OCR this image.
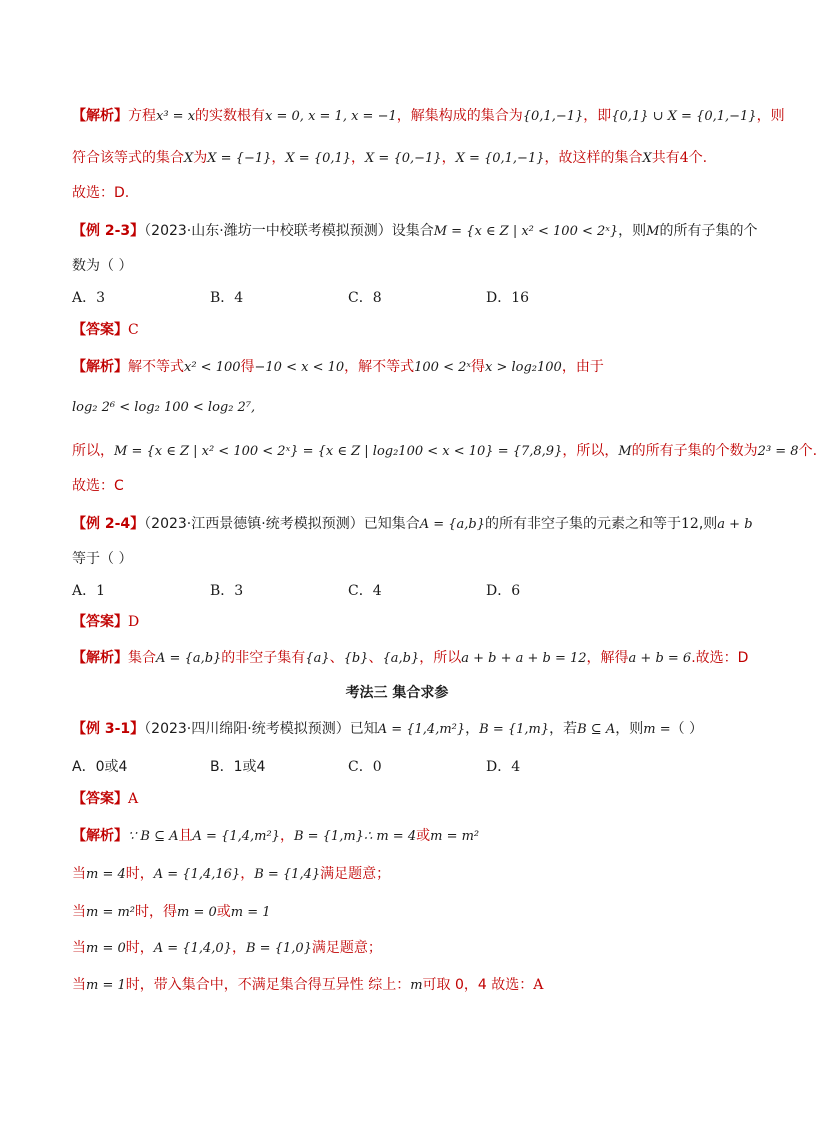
【解析】方程x³ = x的实数根有x = 0, x = 1, x = −1，解集构成的集合为{0,1,−1}，即{0,1} ∪ X = {0,1,−1}，则
符合该等式的集合X为X = {−1}，X = {0,1}，X = {0,−1}，X = {0,1,−1}，故这样的集合X共有4个.
故选：D.
【例 2-3】（2023·山东·潍坊一中校联考模拟预测）设集合M = {x ∈ Z | x² < 100 < 2ˣ}，则M的所有子集的个
数为（ ）
A．3	B．4	C．8	D．16
【答案】C
【解析】解不等式x² < 100得−10 < x < 10，解不等式100 < 2ˣ得x > log₂100，由于
log₂ 2⁶ < log₂ 100 < log₂ 2⁷,
所以，M = {x ∈ Z | x² < 100 < 2ˣ} = {x ∈ Z | log₂100 < x < 10} = {7,8,9}，所以，M的所有子集的个数为2³ = 8个.
故选：C
【例 2-4】（2023·江西景德镇·统考模拟预测）已知集合A = {a,b}的所有非空子集的元素之和等于12,则a + b
等于（ ）
A．1	B．3	C．4	D．6
【答案】D
【解析】集合A = {a,b}的非空子集有{a}、{b}、{a,b}，所以a + b + a + b = 12，解得a + b = 6.故选：D
考法三 集合求参
【例 3-1】（2023·四川绵阳·统考模拟预测）已知A = {1,4,m²}，B = {1,m}，若B ⊆ A，则m =（ ）
A．0或4	B．1或4	C．0	D．4
【答案】A
【解析】∵ B ⊆ A且A = {1,4,m²}，B = {1,m}∴ m = 4或m = m²
当m = 4时，A = {1,4,16}，B = {1,4}满足题意；
当m = m²时，得m = 0或m = 1
当m = 0时，A = {1,4,0}，B = {1,0}满足题意；
当m = 1时，带入集合中，不满足集合得互异性 综上：m可取 0，4 故选：A
